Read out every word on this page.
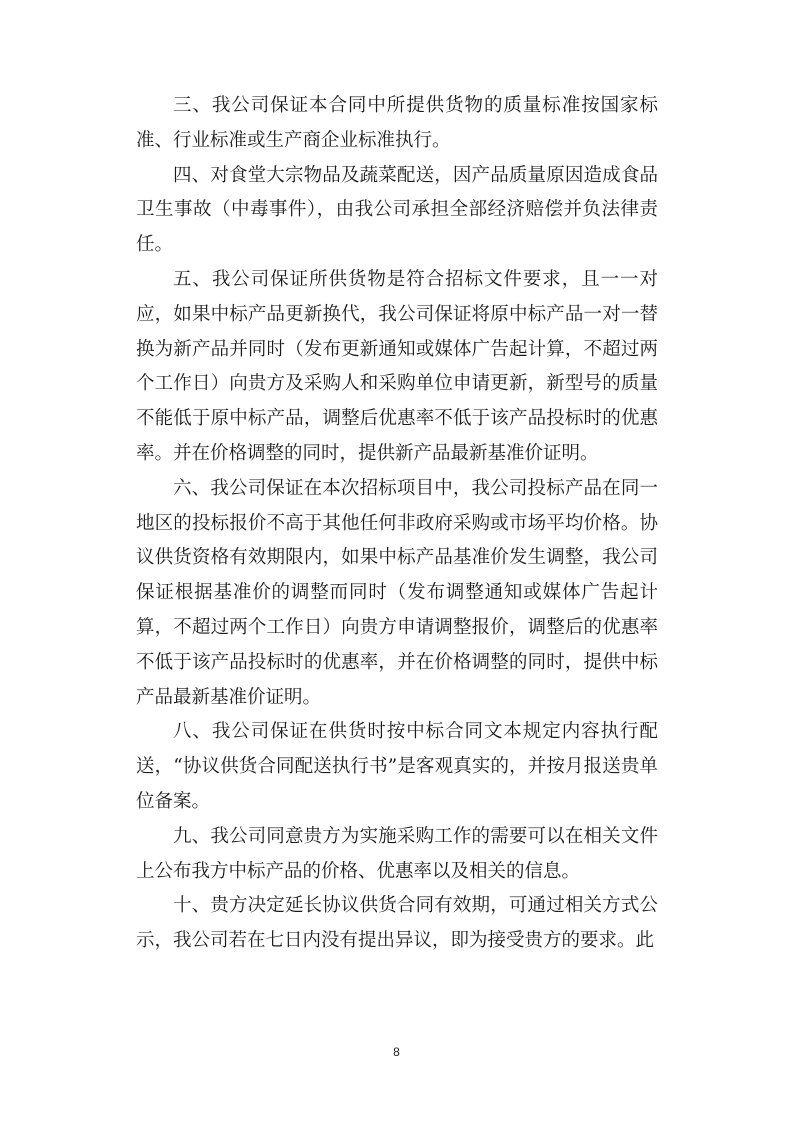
三、我公司保证本合同中所提供货物的质量标准按国家标准、行业标准或生产商企业标准执行。

四、对食堂大宗物品及蔬菜配送，因产品质量原因造成食品卫生事故（中毒事件），由我公司承担全部经济赔偿并负法律责任。

五、我公司保证所供货物是符合招标文件要求，且一一对应，如果中标产品更新换代，我公司保证将原中标产品一对一替换为新产品并同时（发布更新通知或媒体广告起计算，不超过两个工作日）向贵方及采购人和采购单位申请更新，新型号的质量不能低于原中标产品，调整后优惠率不低于该产品投标时的优惠率。并在价格调整的同时，提供新产品最新基准价证明。

六、我公司保证在本次招标项目中，我公司投标产品在同一地区的投标报价不高于其他任何非政府采购或市场平均价格。协议供货资格有效期限内，如果中标产品基准价发生调整，我公司保证根据基准价的调整而同时（发布调整通知或媒体广告起计算，不超过两个工作日）向贵方申请调整报价，调整后的优惠率不低于该产品投标时的优惠率，并在价格调整的同时，提供中标产品最新基准价证明。

八、我公司保证在供货时按中标合同文本规定内容执行配送，“协议供货合同配送执行书”是客观真实的，并按月报送贵单位备案。

九、我公司同意贵方为实施采购工作的需要可以在相关文件上公布我方中标产品的价格、优惠率以及相关的信息。

十、贵方决定延长协议供货合同有效期，可通过相关方式公示，我公司若在七日内没有提出异议，即为接受贵方的要求。此

8
